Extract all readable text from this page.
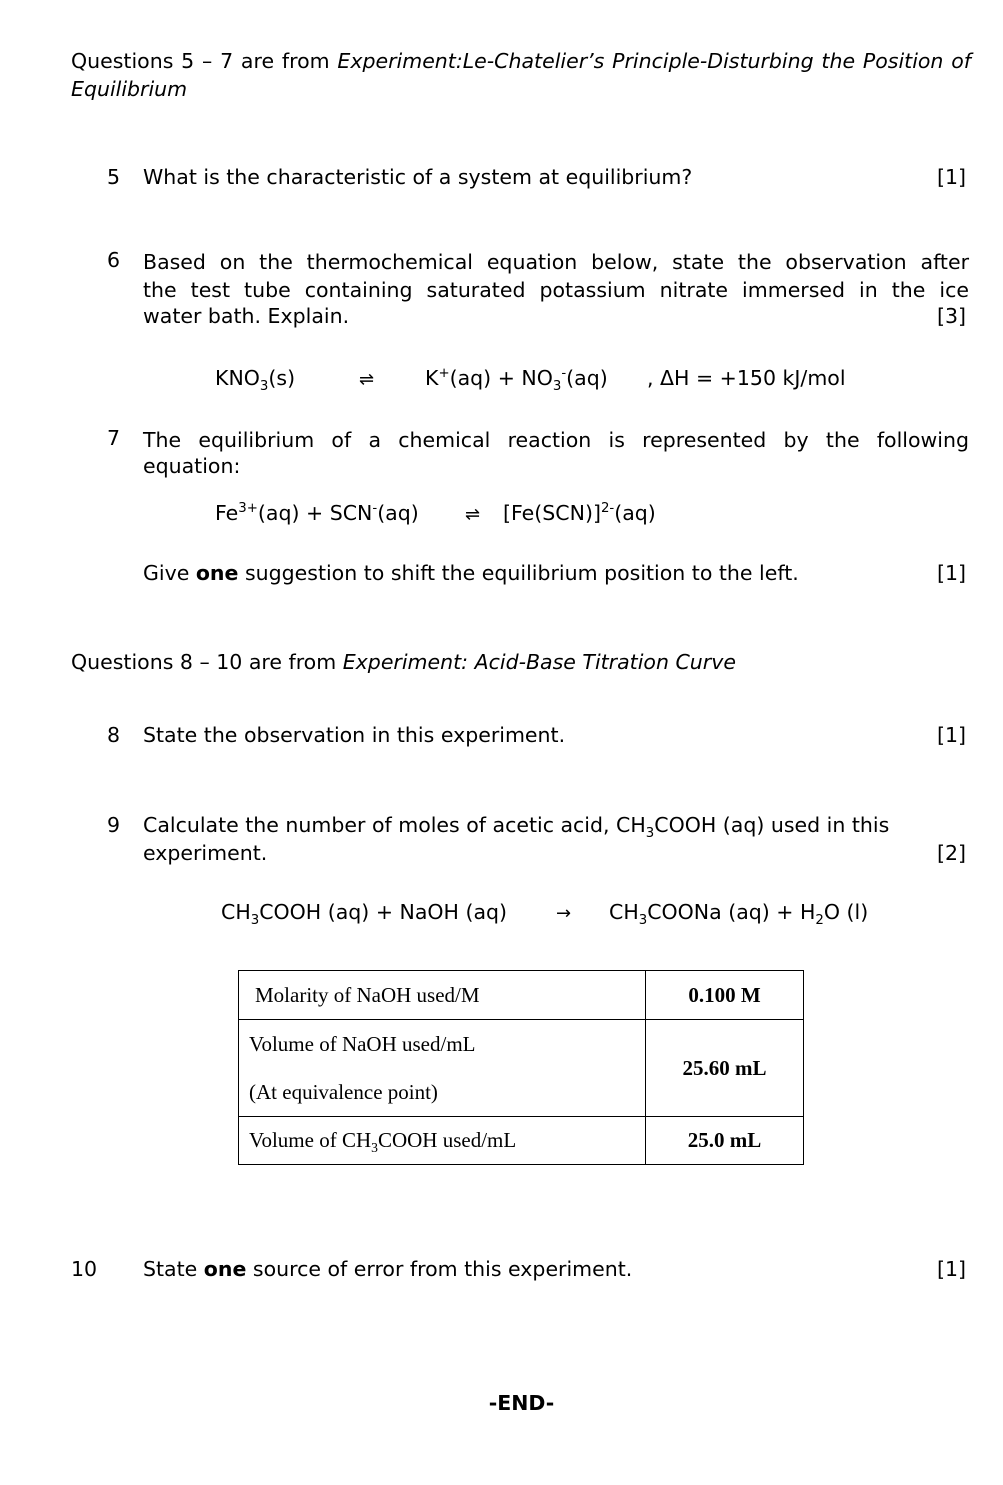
Questions 5 – 7 are from Experiment:Le-Chatelier’s Principle-Disturbing the Position of Equilibrium

5 What is the characteristic of a system at equilibrium?	[1]
6 Based on the thermochemical equation below, state the observation after
the test tube containing saturated potassium nitrate immersed in the ice
water bath. Explain.	[3]
$KNO_3(s)$	⇌ $K^+(aq) + NO_3^-(aq)$ , ΔH = +150 kJ/mol
7 The equilibrium of a chemical reaction is represented by the following
equation:
$Fe^{3+}(aq) + SCN^-(aq)$	⇌ $[Fe(SCN)]^{2-}(aq)$
Give one suggestion to shift the equilibrium position to the left.	[1]
Questions 8 – 10 are from Experiment: Acid-Base Titration Curve
8 State the observation in this experiment.	[1]
9 Calculate the number of moles of acetic acid, $CH_3COOH$ (aq) used in this
experiment.	[2]
$CH_3COOH$ (aq) + NaOH (aq)	→ $CH_3COONa$ $(aq) + H_2O$ (l)
Molarity of NaOH used/M	0.100 M

Volume of NaOH used/mL
(At equivalence point)	25.60 mL
Volume of $CH_3COOH$ used/mL	25.0 mL
10 State one source of error from this experiment.	[1]
-END-
